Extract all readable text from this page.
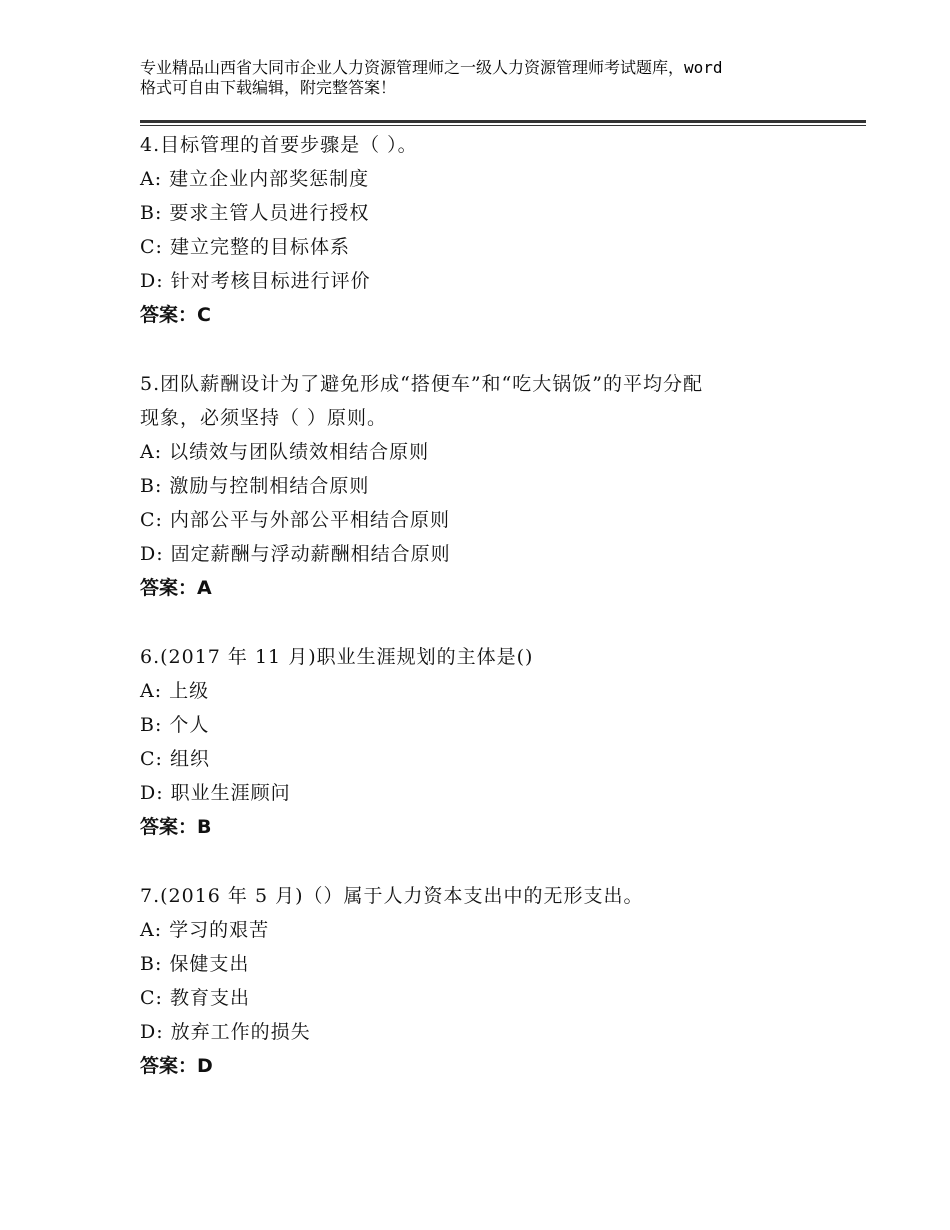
专业精品山西省大同市企业人力资源管理师之一级人力资源管理师考试题库，word
格式可自由下载编辑，附完整答案！
4.目标管理的首要步骤是（ ）。
A: 建立企业内部奖惩制度
B: 要求主管人员进行授权
C: 建立完整的目标体系
D: 针对考核目标进行评价
答案：C
5.团队薪酬设计为了避免形成“搭便车”和“吃大锅饭”的平均分配
现象，必须坚持（ ）原则。
A: 以绩效与团队绩效相结合原则
B: 激励与控制相结合原则
C: 内部公平与外部公平相结合原则
D: 固定薪酬与浮动薪酬相结合原则
答案：A
6.(2017 年 11 月)职业生涯规划的主体是()
A: 上级
B: 个人
C: 组织
D: 职业生涯顾问
答案：B
7.(2016 年 5 月)（）属于人力资本支出中的无形支出。
A: 学习的艰苦
B: 保健支出
C: 教育支出
D: 放弃工作的损失
答案：D
